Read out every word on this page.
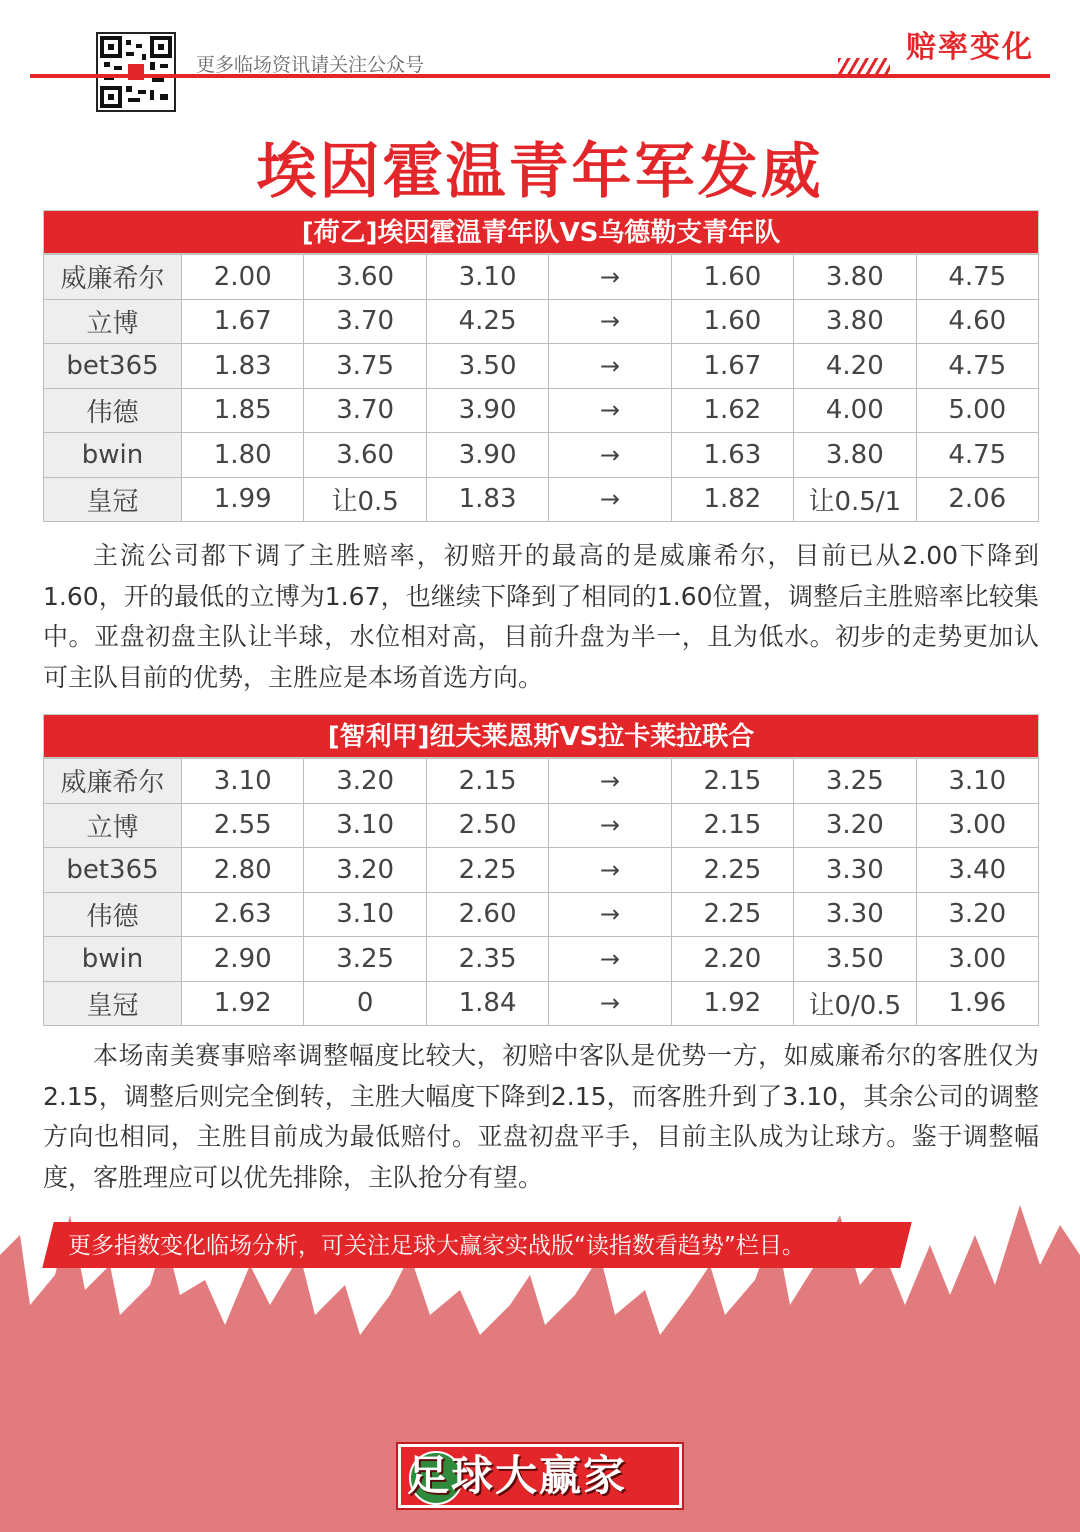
更多临场资讯请关注公众号	赔率变化
埃因霍温青年军发威
[荷乙]埃因霍温青年队VS乌德勒支青年队
威廉希尔	2.00	3.60	3.10	→	1.60	3.80	4.75
立博	1.67	3.70	4.25	→	1.60	3.80	4.60
bet365	1.83	3.75	3.50	→	1.67	4.20	4.75
伟德	1.85	3.70	3.90	→	1.62	4.00	5.00
bwin	1.80	3.60	3.90	→	1.63	3.80	4.75
皇冠	1.99	让0.5	1.83	→	1.82	让0.5/1	2.06
主流公司都下调了主胜赔率，初赔开的最高的是威廉希尔，目前已从2.00下降到1.60，开的最低的立博为1.67，也继续下降到了相同的1.60位置，调整后主胜赔率比较集中。亚盘初盘主队让半球，水位相对高，目前升盘为半一，且为低水。初步的走势更加认可主队目前的优势，主胜应是本场首选方向。
[智利甲]纽夫莱恩斯VS拉卡莱拉联合
威廉希尔	3.10	3.20	2.15	→	2.15	3.25	3.10
立博	2.55	3.10	2.50	→	2.15	3.20	3.00
bet365	2.80	3.20	2.25	→	2.25	3.30	3.40
伟德	2.63	3.10	2.60	→	2.25	3.30	3.20
bwin	2.90	3.25	2.35	→	2.20	3.50	3.00
皇冠	1.92	0	1.84	→	1.92	让0/0.5	1.96
本场南美赛事赔率调整幅度比较大，初赔中客队是优势一方，如威廉希尔的客胜仅为2.15，调整后则完全倒转，主胜大幅度下降到2.15，而客胜升到了3.10，其余公司的调整方向也相同，主胜目前成为最低赔付。亚盘初盘平手，目前主队成为让球方。鉴于调整幅度，客胜理应可以优先排除，主队抢分有望。
更多指数变化临场分析，可关注足球大赢家实战版“读指数看趋势”栏目。
足球大赢家
